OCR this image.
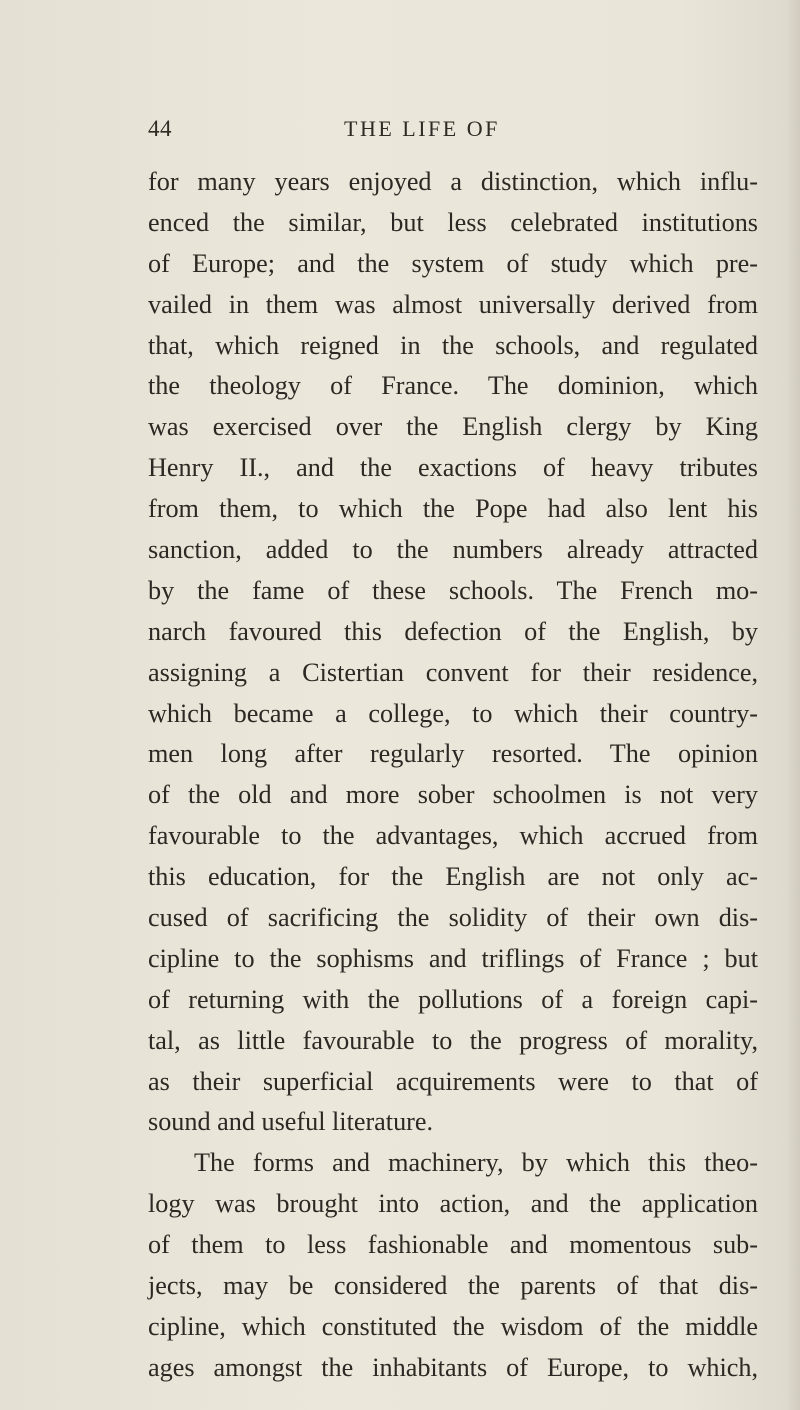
44	THE LIFE OF
for many years enjoyed a distinction, which influ-
enced the similar, but less celebrated institutions
of Europe; and the system of study which pre-
vailed in them was almost universally derived from
that, which reigned in the schools, and regulated
the theology of France. The dominion, which
was exercised over the English clergy by King
Henry II., and the exactions of heavy tributes
from them, to which the Pope had also lent his
sanction, added to the numbers already attracted
by the fame of these schools. The French mo-
narch favoured this defection of the English, by
assigning a Cistertian convent for their residence,
which became a college, to which their country-
men long after regularly resorted. The opinion
of the old and more sober schoolmen is not very
favourable to the advantages, which accrued from
this education, for the English are not only ac-
cused of sacrificing the solidity of their own dis-
cipline to the sophisms and triflings of France ; but
of returning with the pollutions of a foreign capi-
tal, as little favourable to the progress of morality,
as their superficial acquirements were to that of
sound and useful literature.
The forms and machinery, by which this theo-
logy was brought into action, and the application
of them to less fashionable and momentous sub-
jects, may be considered the parents of that dis-
cipline, which constituted the wisdom of the middle
ages amongst the inhabitants of Europe, to which,
